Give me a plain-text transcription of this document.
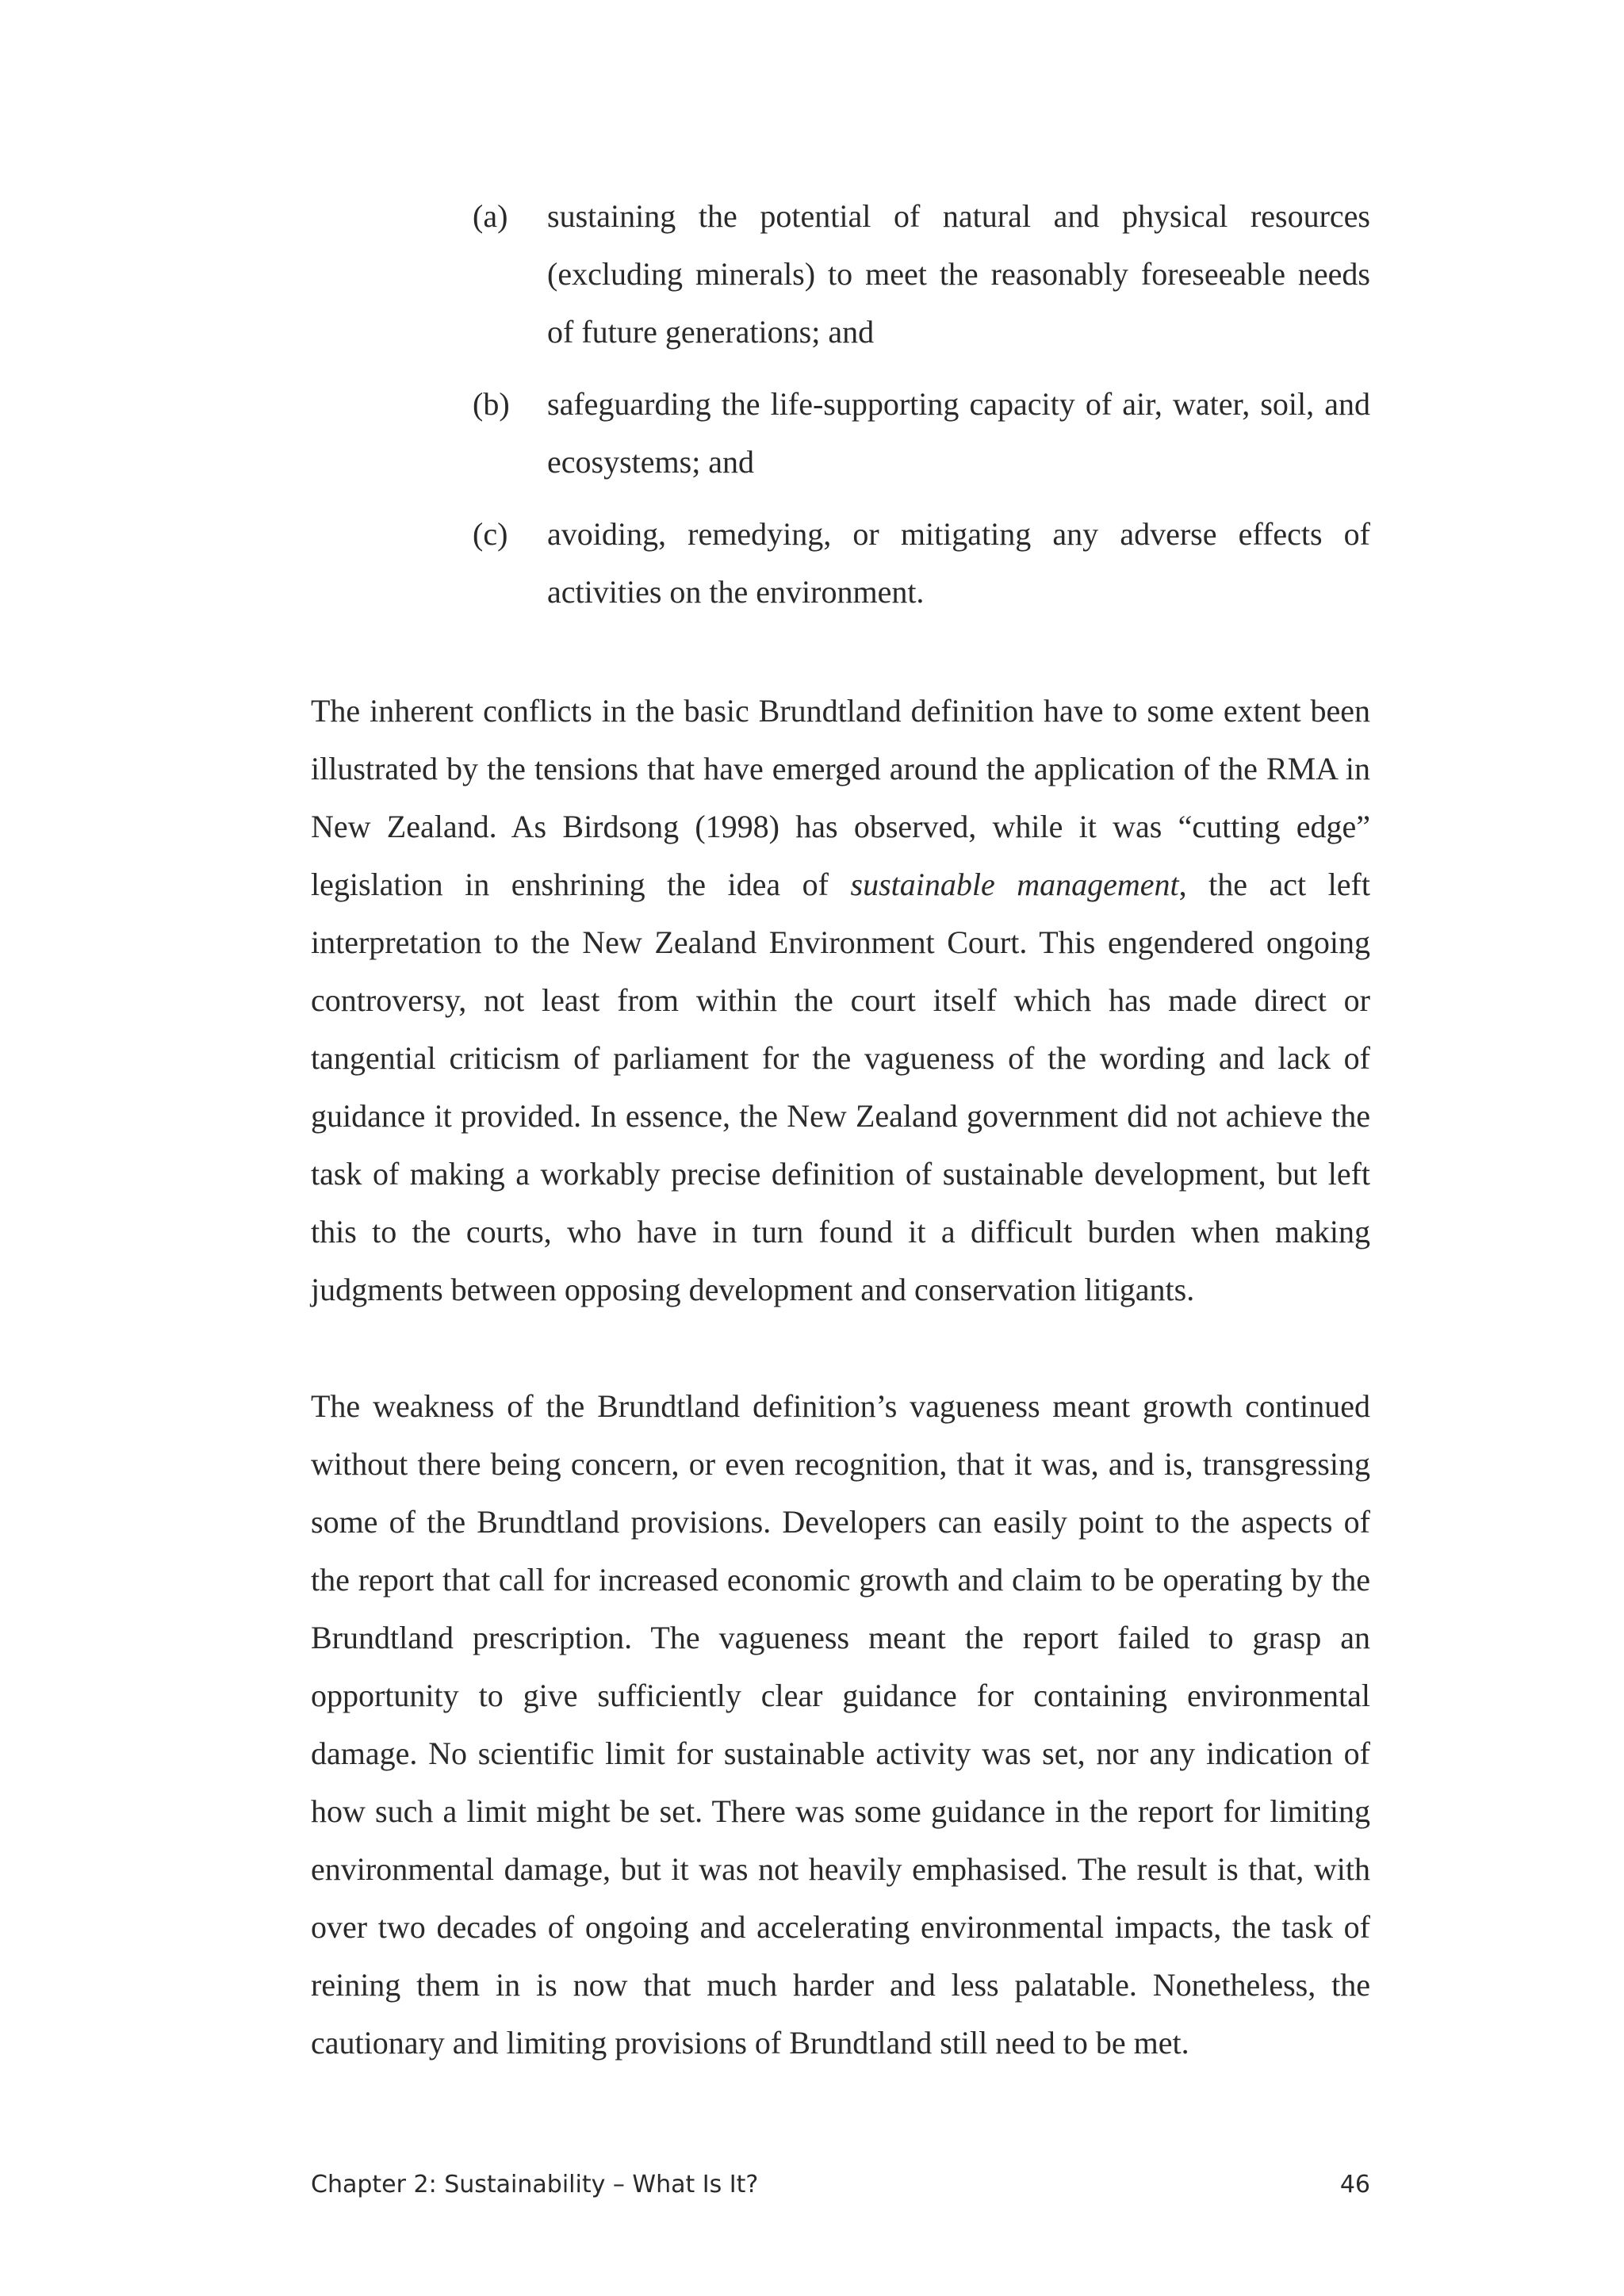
(a) sustaining the potential of natural and physical resources (excluding minerals) to meet the reasonably foreseeable needs of future generations; and
(b) safeguarding the life-supporting capacity of air, water, soil, and ecosystems; and
(c) avoiding, remedying, or mitigating any adverse effects of activities on the environment.

The inherent conflicts in the basic Brundtland definition have to some extent been illustrated by the tensions that have emerged around the application of the RMA in New Zealand. As Birdsong (1998) has observed, while it was “cutting edge” legislation in enshrining the idea of sustainable management, the act left interpretation to the New Zealand Environment Court. This engendered ongoing controversy, not least from within the court itself which has made direct or tangential criticism of parliament for the vagueness of the wording and lack of guidance it provided. In essence, the New Zealand government did not achieve the task of making a workably precise definition of sustainable development, but left this to the courts, who have in turn found it a difficult burden when making judgments between opposing development and conservation litigants.

The weakness of the Brundtland definition’s vagueness meant growth continued without there being concern, or even recognition, that it was, and is, transgressing some of the Brundtland provisions. Developers can easily point to the aspects of the report that call for increased economic growth and claim to be operating by the Brundtland prescription. The vagueness meant the report failed to grasp an opportunity to give sufficiently clear guidance for containing environmental damage. No scientific limit for sustainable activity was set, nor any indication of how such a limit might be set. There was some guidance in the report for limiting environmental damage, but it was not heavily emphasised. The result is that, with over two decades of ongoing and accelerating environmental impacts, the task of reining them in is now that much harder and less palatable. Nonetheless, the cautionary and limiting provisions of Brundtland still need to be met.

Chapter 2: Sustainability – What Is It?	46
